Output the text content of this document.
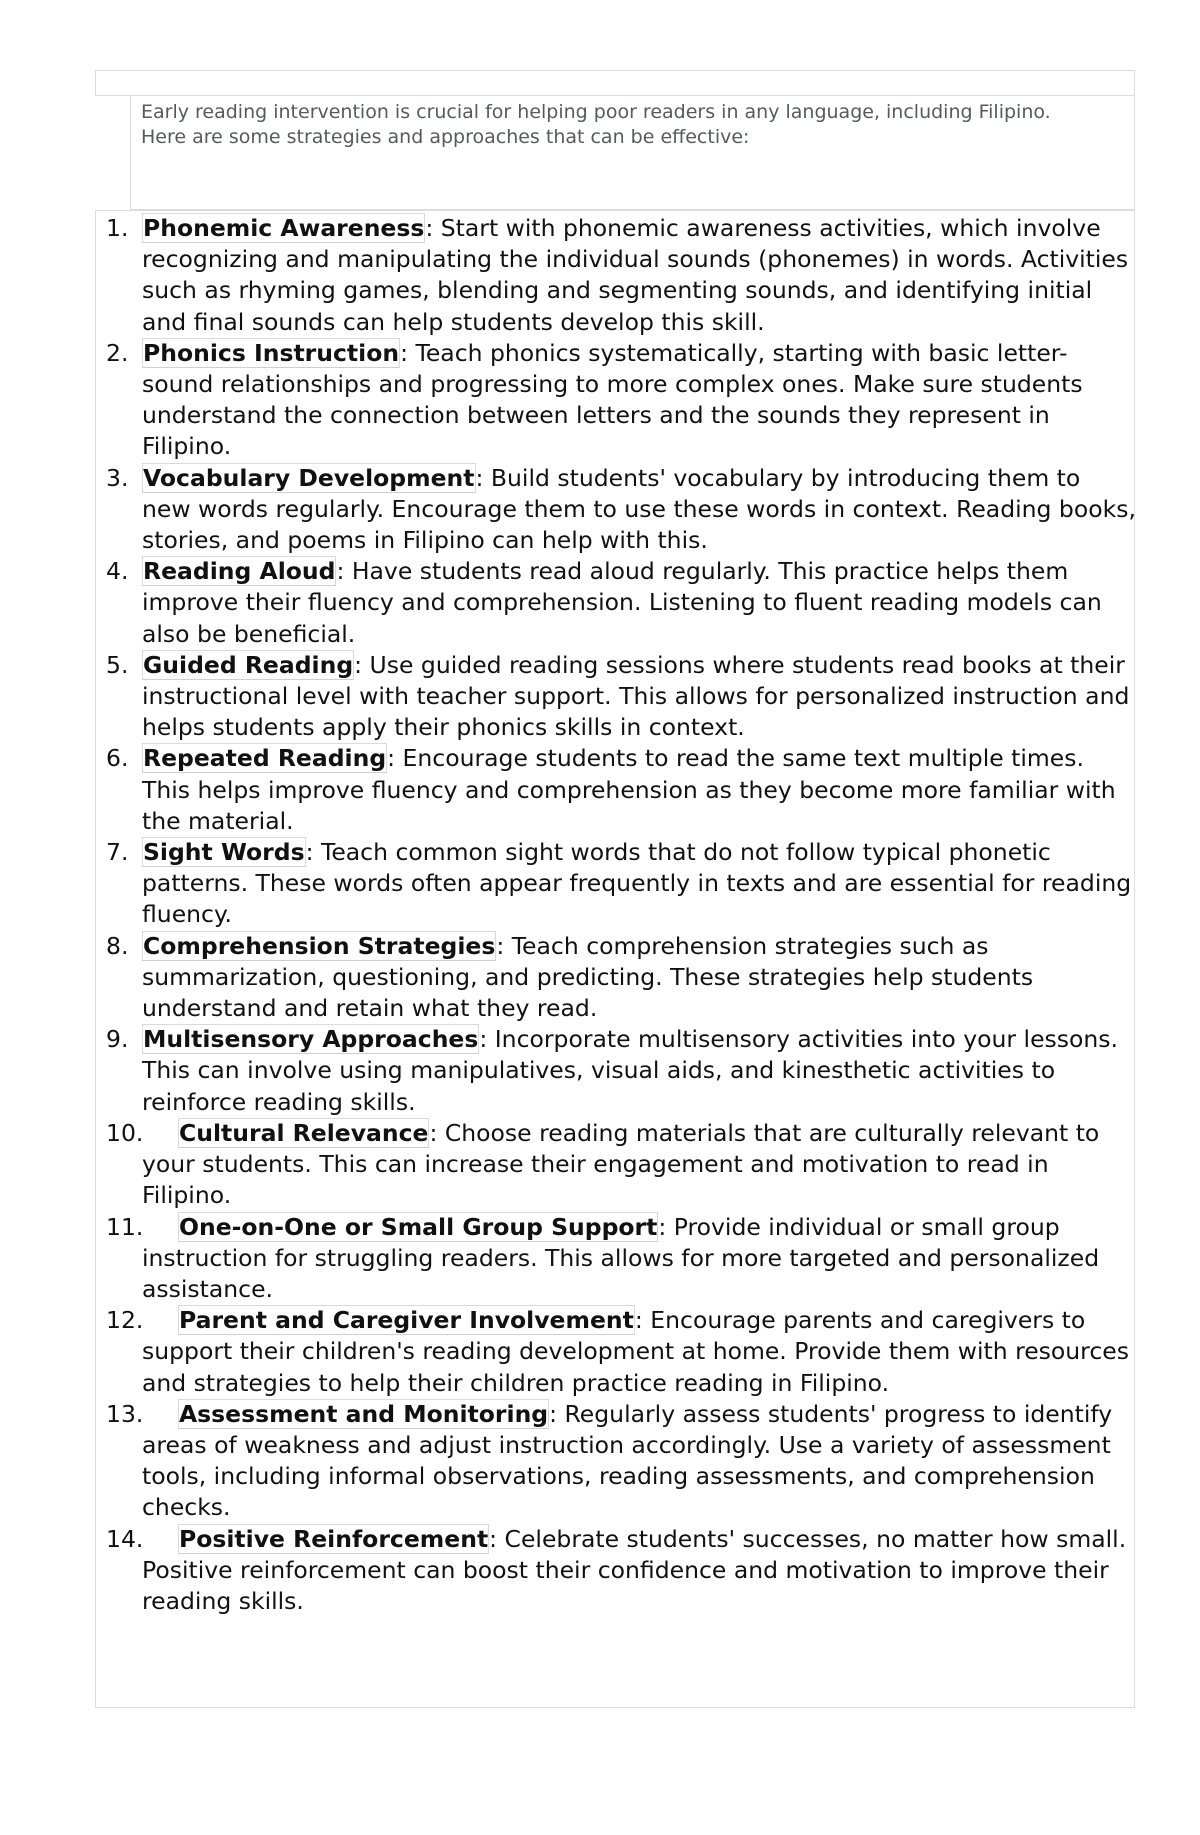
Early reading intervention is crucial for helping poor readers in any language, including Filipino. Here are some strategies and approaches that can be effective:
1. Phonemic Awareness: Start with phonemic awareness activities, which involve recognizing and manipulating the individual sounds (phonemes) in words. Activities such as rhyming games, blending and segmenting sounds, and identifying initial and final sounds can help students develop this skill.
2. Phonics Instruction: Teach phonics systematically, starting with basic letter-sound relationships and progressing to more complex ones. Make sure students understand the connection between letters and the sounds they represent in Filipino.
3. Vocabulary Development: Build students' vocabulary by introducing them to new words regularly. Encourage them to use these words in context. Reading books, stories, and poems in Filipino can help with this.
4. Reading Aloud: Have students read aloud regularly. This practice helps them improve their fluency and comprehension. Listening to fluent reading models can also be beneficial.
5. Guided Reading: Use guided reading sessions where students read books at their instructional level with teacher support. This allows for personalized instruction and helps students apply their phonics skills in context.
6. Repeated Reading: Encourage students to read the same text multiple times. This helps improve fluency and comprehension as they become more familiar with the material.
7. Sight Words: Teach common sight words that do not follow typical phonetic patterns. These words often appear frequently in texts and are essential for reading fluency.
8. Comprehension Strategies: Teach comprehension strategies such as summarization, questioning, and predicting. These strategies help students understand and retain what they read.
9. Multisensory Approaches: Incorporate multisensory activities into your lessons. This can involve using manipulatives, visual aids, and kinesthetic activities to reinforce reading skills.
10. Cultural Relevance: Choose reading materials that are culturally relevant to your students. This can increase their engagement and motivation to read in Filipino.
11. One-on-One or Small Group Support: Provide individual or small group instruction for struggling readers. This allows for more targeted and personalized assistance.
12. Parent and Caregiver Involvement: Encourage parents and caregivers to support their children's reading development at home. Provide them with resources and strategies to help their children practice reading in Filipino.
13. Assessment and Monitoring: Regularly assess students' progress to identify areas of weakness and adjust instruction accordingly. Use a variety of assessment tools, including informal observations, reading assessments, and comprehension checks.
14. Positive Reinforcement: Celebrate students' successes, no matter how small. Positive reinforcement can boost their confidence and motivation to improve their reading skills.
